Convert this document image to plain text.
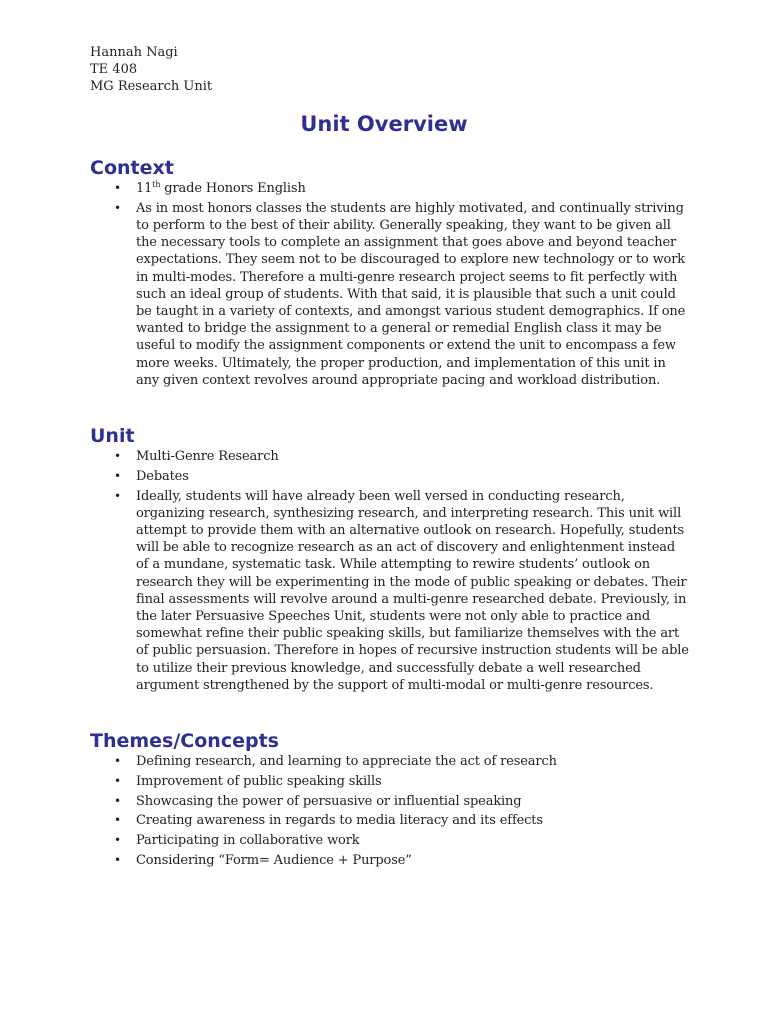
Hannah Nagi
TE 408
MG Research Unit
Unit Overview
Context
• 11th grade Honors English

• As in most honors classes the students are highly motivated, and continually striving to perform to the best of their ability. Generally speaking, they want to be given all the necessary tools to complete an assignment that goes above and beyond teacher expectations. They seem not to be discouraged to explore new technology or to work in multi-modes. Therefore a multi-genre research project seems to fit perfectly with such an ideal group of students. With that said, it is plausible that such a unit could be taught in a variety of contexts, and amongst various student demographics. If one wanted to bridge the assignment to a general or remedial English class it may be useful to modify the assignment components or extend the unit to encompass a few more weeks. Ultimately, the proper production, and implementation of this unit in any given context revolves around appropriate pacing and workload distribution.

Unit
• Multi-Genre Research

• Debates

• Ideally, students will have already been well versed in conducting research, organizing research, synthesizing research, and interpreting research. This unit will attempt to provide them with an alternative outlook on research. Hopefully, students will be able to recognize research as an act of discovery and enlightenment instead of a mundane, systematic task. While attempting to rewire students’ outlook on research they will be experimenting in the mode of public speaking or debates. Their final assessments will revolve around a multi-genre researched debate. Previously, in the later Persuasive Speeches Unit, students were not only able to practice and somewhat refine their public speaking skills, but familiarize themselves with the art of public persuasion. Therefore in hopes of recursive instruction students will be able to utilize their previous knowledge, and successfully debate a well researched argument strengthened by the support of multi-modal or multi-genre resources.

Themes/Concepts
• Defining research, and learning to appreciate the act of research

• Improvement of public speaking skills

• Showcasing the power of persuasive or influential speaking

• Creating awareness in regards to media literacy and its effects

• Participating in collaborative work

• Considering “Form= Audience + Purpose”
